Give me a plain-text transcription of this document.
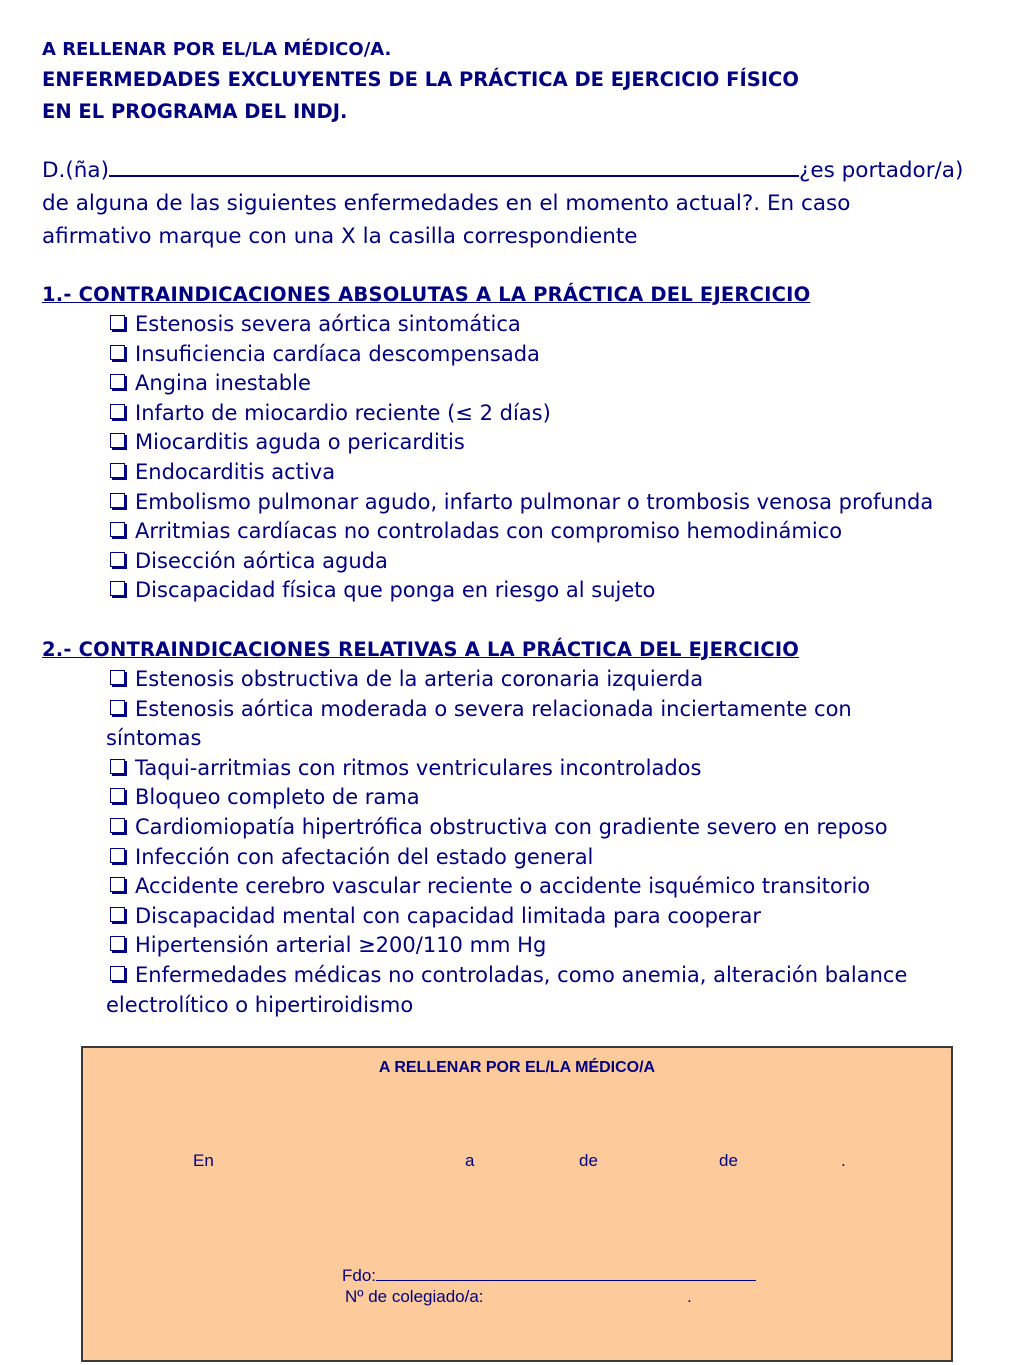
A RELLENAR POR EL/LA MÉDICO/A.

ENFERMEDADES EXCLUYENTES DE LA PRÁCTICA DE EJERCICIO FÍSICO

EN EL PROGRAMA DEL INDJ.

D.(ña)	¿es portador/a)
de alguna de las siguientes enfermedades en el momento actual?. En caso
afirmativo marque con una X la casilla correspondiente
1.- CONTRAINDICACIONES ABSOLUTAS A LA PRÁCTICA DEL EJERCICIO
Estenosis severa aórtica sintomática
Insuficiencia cardíaca descompensada
Angina inestable
Infarto de miocardio reciente (≤ 2 días)
Miocarditis aguda o pericarditis
Endocarditis activa
Embolismo pulmonar agudo, infarto pulmonar o trombosis venosa profunda
Arritmias cardíacas no controladas con compromiso hemodinámico
Disección aórtica aguda
Discapacidad física que ponga en riesgo al sujeto
2.- CONTRAINDICACIONES RELATIVAS A LA PRÁCTICA DEL EJERCICIO
Estenosis obstructiva de la arteria coronaria izquierda
Estenosis aórtica moderada o severa relacionada inciertamente con
síntomas
Taqui-arritmias con ritmos ventriculares incontrolados
Bloqueo completo de rama
Cardiomiopatía hipertrófica obstructiva con gradiente severo en reposo
Infección con afectación del estado general
Accidente cerebro vascular reciente o accidente isquémico transitorio
Discapacidad mental con capacidad limitada para cooperar
Hipertensión arterial ≥200/110 mm Hg
Enfermedades médicas no controladas, como anemia, alteración balance
electrolítico o hipertiroidismo
A RELLENAR POR EL/LA MÉDICO/A
En	a	de	de	.
Fdo:
Nº de colegiado/a:	.
